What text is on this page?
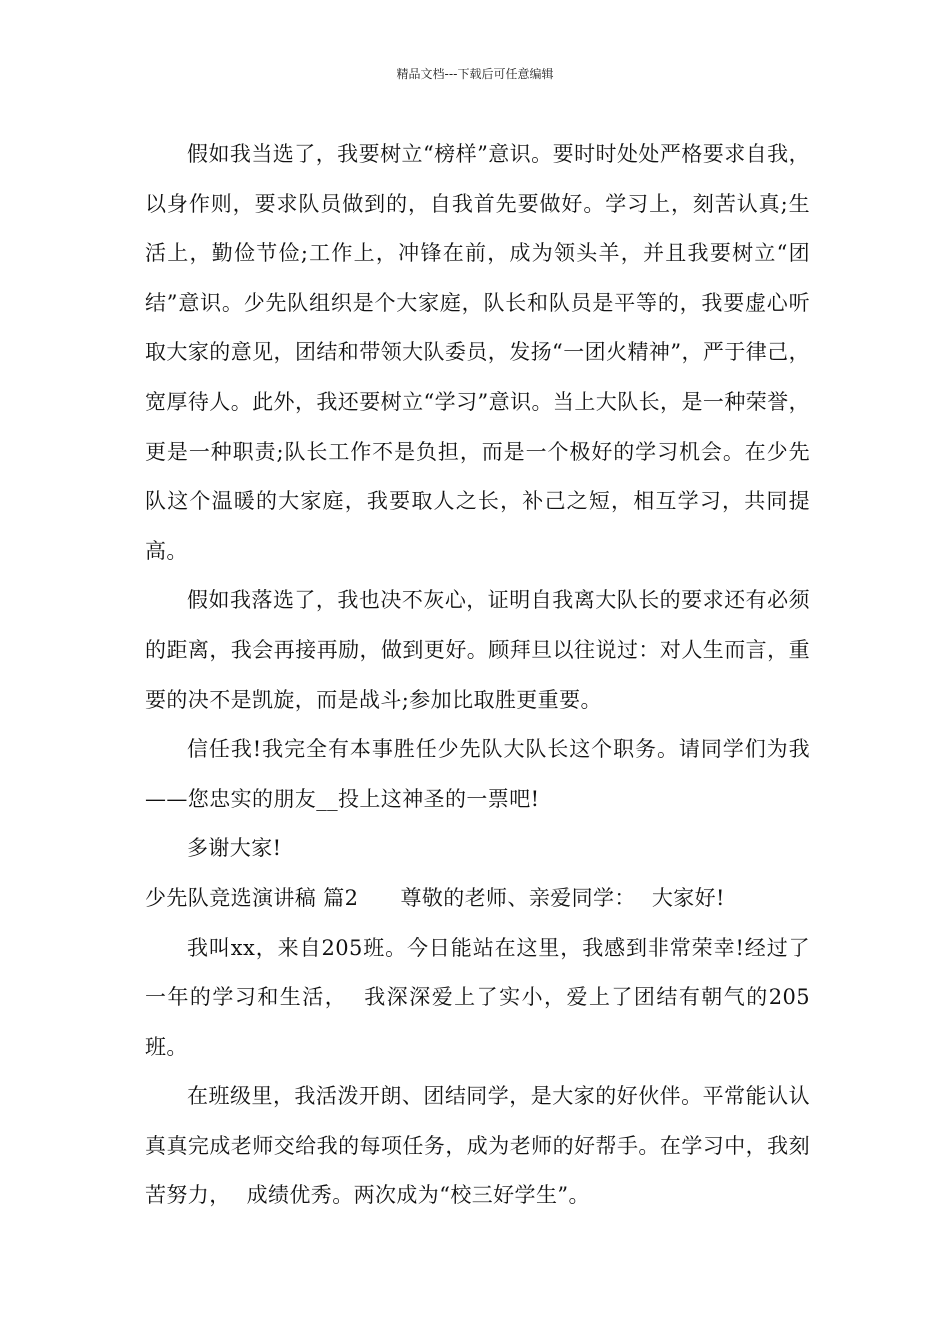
精品文档---下载后可任意编辑

假如我当选了，我要树立“榜样”意识。要时时处处严格要求自我，以身作则，要求队员做到的，自我首先要做好。学习上，刻苦认真;生活上，勤俭节俭;工作上，冲锋在前，成为领头羊，并且我要树立“团结”意识。少先队组织是个大家庭，队长和队员是平等的，我要虚心听取大家的意见，团结和带领大队委员，发扬“一团火精神”，严于律己，宽厚待人。此外，我还要树立“学习”意识。当上大队长，是一种荣誉，更是一种职责;队长工作不是负担，而是一个极好的学习机会。在少先队这个温暖的大家庭，我要取人之长，补己之短，相互学习，共同提高。

假如我落选了，我也决不灰心，证明自我离大队长的要求还有必须的距离，我会再接再励，做到更好。顾拜旦以往说过：对人生而言，重要的决不是凯旋，而是战斗;参加比取胜更重要。

信任我!我完全有本事胜任少先队大队长这个职务。请同学们为我——您忠实的朋友__投上这神圣的一票吧!

多谢大家!

少先队竞选演讲稿 篇2 尊敬的老师、亲爱同学： 大家好!

我叫xx，来自205班。今日能站在这里，我感到非常荣幸!经过了一年的学习和生活， 我深深爱上了实小，爱上了团结有朝气的205班。

在班级里，我活泼开朗、团结同学，是大家的好伙伴。平常能认认真真完成老师交给我的每项任务，成为老师的好帮手。在学习中，我刻苦努力， 成绩优秀。两次成为“校三好学生”。
